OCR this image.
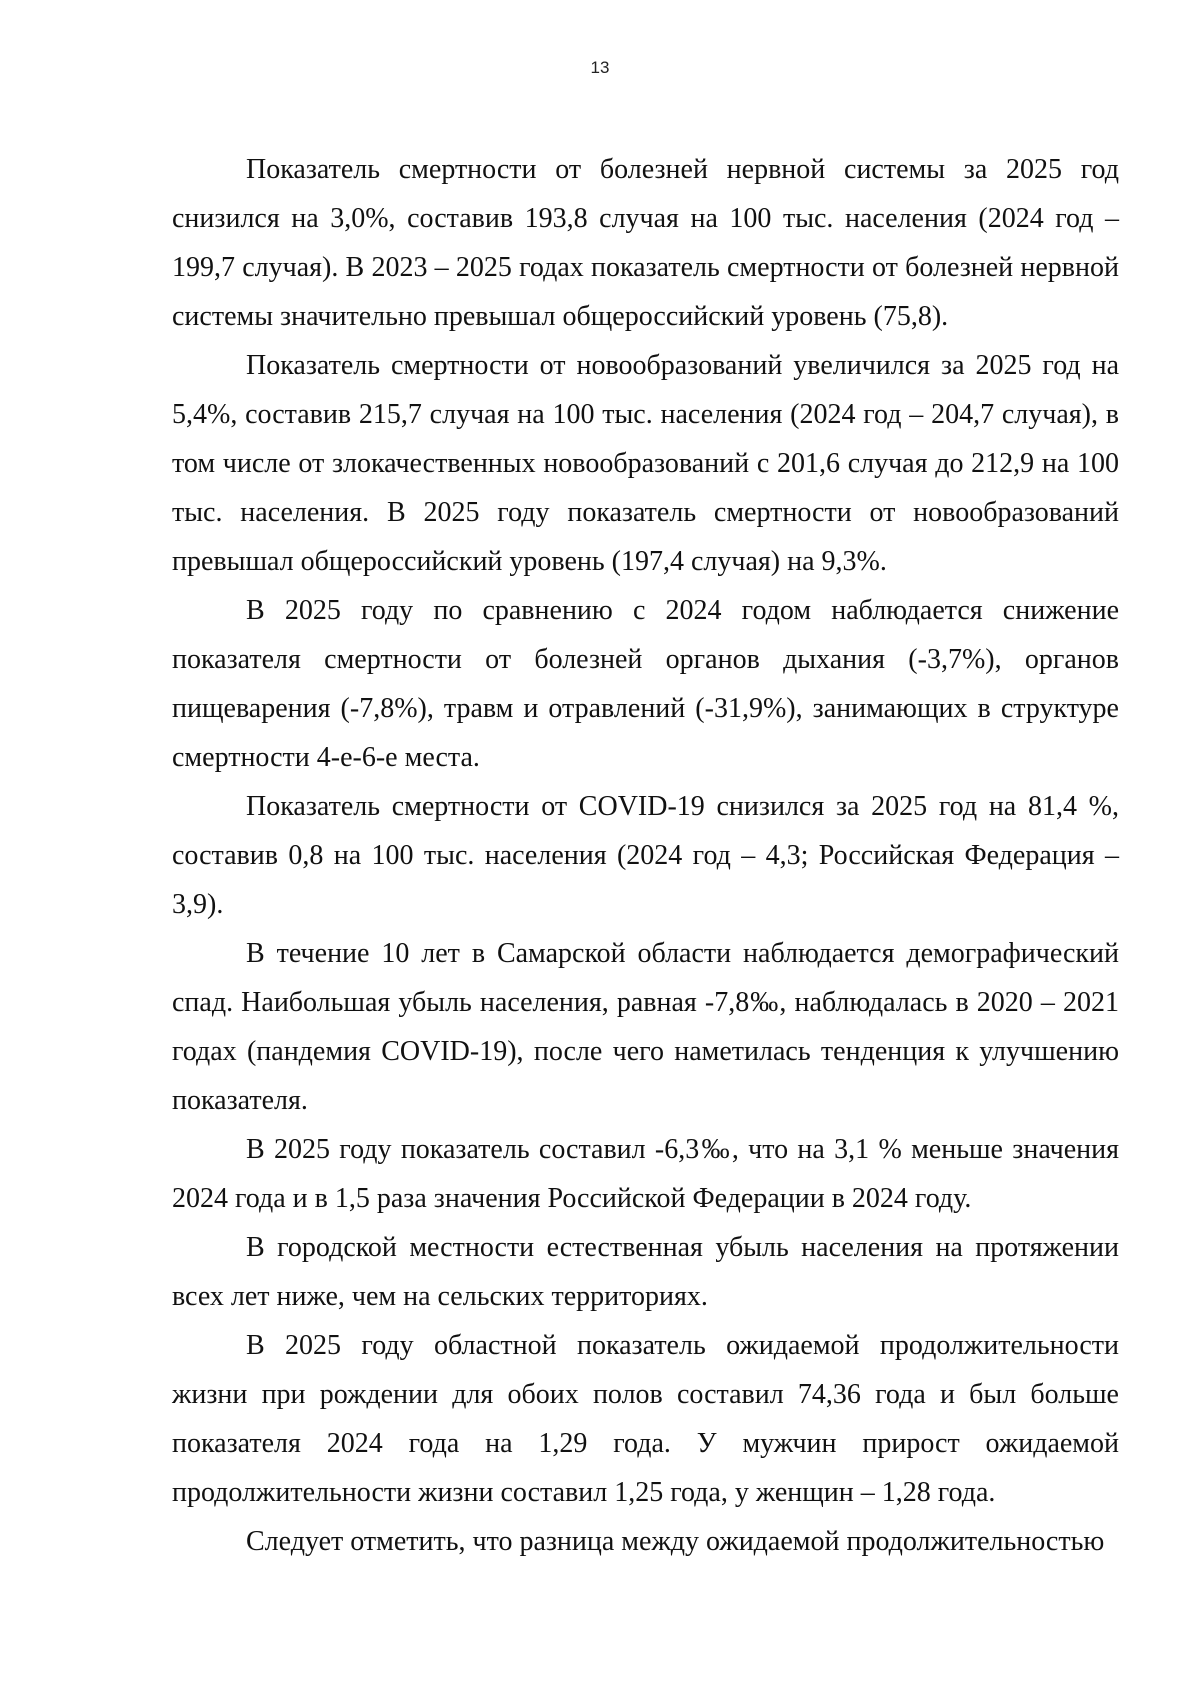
13

Показатель смертности от болезней нервной системы за 2025 год снизился на 3,0%, составив 193,8 случая на 100 тыс. населения (2024 год – 199,7 случая). В 2023 – 2025 годах показатель смертности от болезней нервной системы значительно превышал общероссийский уровень (75,8).

Показатель смертности от новообразований увеличился за 2025 год на 5,4%, составив 215,7 случая на 100 тыс. населения (2024 год – 204,7 случая), в том числе от злокачественных новообразований с 201,6 случая до 212,9 на 100 тыс. населения. В 2025 году показатель смертности от новообразований превышал общероссийский уровень (197,4 случая) на 9,3%.

В 2025 году по сравнению с 2024 годом наблюдается снижение показателя смертности от болезней органов дыхания (-3,7%), органов пищеварения (-7,8%), травм и отравлений (-31,9%), занимающих в структуре смертности 4-е-6-е места.

Показатель смертности от COVID-19 снизился за 2025 год на 81,4 %, составив 0,8 на 100 тыс. населения (2024 год – 4,3; Российская Федерация – 3,9).

В течение 10 лет в Самарской области наблюдается демографический спад. Наибольшая убыль населения, равная -7,8‰, наблюдалась в 2020 – 2021 годах (пандемия COVID-19), после чего наметилась тенденция к улучшению показателя.

В 2025 году показатель составил -6,3‰, что на 3,1 % меньше значения 2024 года и в 1,5 раза значения Российской Федерации в 2024 году.

В городской местности естественная убыль населения на протяжении всех лет ниже, чем на сельских территориях.

В 2025 году областной показатель ожидаемой продолжительности жизни при рождении для обоих полов составил 74,36 года и был больше показателя 2024 года на 1,29 года. У мужчин прирост ожидаемой продолжительности жизни составил 1,25 года, у женщин – 1,28 года.

Следует отметить, что разница между ожидаемой продолжительностью
